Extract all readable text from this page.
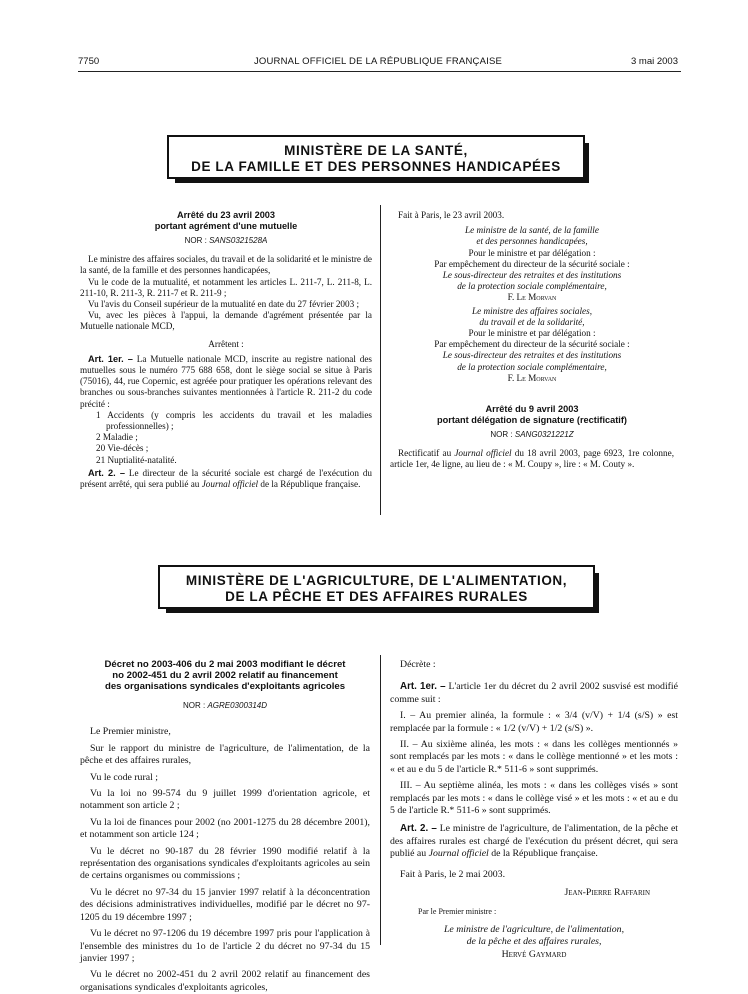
7750	JOURNAL OFFICIEL DE LA RÉPUBLIQUE FRANÇAISE	3 mai 2003
MINISTÈRE DE LA SANTÉ,
DE LA FAMILLE ET DES PERSONNES HANDICAPÉES
Arrêté du 23 avril 2003
portant agrément d'une mutuelle
NOR : SANS0321528A

Le ministre des affaires sociales, du travail et de la solidarité et le ministre de la santé, de la famille et des personnes handicapées,

Vu le code de la mutualité, et notamment les articles L. 211-7, L. 211-8, L. 211-10, R. 211-3, R. 211-7 et R. 211-9 ;

Vu l'avis du Conseil supérieur de la mutualité en date du 27 février 2003 ;

Vu, avec les pièces à l'appui, la demande d'agrément présentée par la Mutuelle nationale MCD,

Arrêtent :

Art. 1er. – La Mutuelle nationale MCD, inscrite au registre national des mutuelles sous le numéro 775 688 658, dont le siège social se situe à Paris (75016), 44, rue Copernic, est agréée pour pratiquer les opérations relevant des branches ou sous-branches suivantes mentionnées à l'article R. 211-2 du code précité :

1 Accidents (y compris les accidents du travail et les maladies professionnelles) ;
2 Maladie ;
20 Vie-décès ;
21 Nuptialité-natalité.

Art. 2. – Le directeur de la sécurité sociale est chargé de l'exécution du présent arrêté, qui sera publié au Journal officiel de la République française.

Fait à Paris, le 23 avril 2003.

Le ministre de la santé, de la famille
et des personnes handicapées,
Pour le ministre et par délégation :
Par empêchement du directeur de la sécurité sociale :
Le sous-directeur des retraites et des institutions
de la protection sociale complémentaire,
F. Le Morvan
Le ministre des affaires sociales,
du travail et de la solidarité,
Pour le ministre et par délégation :
Par empêchement du directeur de la sécurité sociale :
Le sous-directeur des retraites et des institutions
de la protection sociale complémentaire,
F. Le Morvan
Arrêté du 9 avril 2003
portant délégation de signature (rectificatif)
NOR : SANG0321221Z

Rectificatif au Journal officiel du 18 avril 2003, page 6923, 1re colonne, article 1er, 4e ligne, au lieu de : « M. Coupy », lire : « M. Couty ».

MINISTÈRE DE L'AGRICULTURE, DE L'ALIMENTATION,
DE LA PÊCHE ET DES AFFAIRES RURALES
Décret no 2003-406 du 2 mai 2003 modifiant le décret
no 2002-451 du 2 avril 2002 relatif au financement
des organisations syndicales d'exploitants agricoles
NOR : AGRE0300314D

Le Premier ministre,

Sur le rapport du ministre de l'agriculture, de l'alimentation, de la pêche et des affaires rurales,

Vu le code rural ;

Vu la loi no 99-574 du 9 juillet 1999 d'orientation agricole, et notamment son article 2 ;

Vu la loi de finances pour 2002 (no 2001-1275 du 28 décembre 2001), et notamment son article 124 ;

Vu le décret no 90-187 du 28 février 1990 modifié relatif à la représentation des organisations syndicales d'exploitants agricoles au sein de certains organismes ou commissions ;

Vu le décret no 97-34 du 15 janvier 1997 relatif à la déconcentration des décisions administratives individuelles, modifié par le décret no 97-1205 du 19 décembre 1997 ;

Vu le décret no 97-1206 du 19 décembre 1997 pris pour l'application à l'ensemble des ministres du 1o de l'article 2 du décret no 97-34 du 15 janvier 1997 ;

Vu le décret no 2002-451 du 2 avril 2002 relatif au financement des organisations syndicales d'exploitants agricoles,

Décrète :

Art. 1er. – L'article 1er du décret du 2 avril 2002 susvisé est modifié comme suit :

I. – Au premier alinéa, la formule : « 3/4 (v/V) + 1/4 (s/S) » est remplacée par la formule : « 1/2 (v/V) + 1/2 (s/S) ».

II. – Au sixième alinéa, les mots : « dans les collèges mentionnés » sont remplacés par les mots : « dans le collège mentionné » et les mots : « et au e du 5 de l'article R.* 511-6 » sont supprimés.

III. – Au septième alinéa, les mots : « dans les collèges visés » sont remplacés par les mots : « dans le collège visé » et les mots : « et au e du 5 de l'article R.* 511-6 » sont supprimés.

Art. 2. – Le ministre de l'agriculture, de l'alimentation, de la pêche et des affaires rurales est chargé de l'exécution du présent décret, qui sera publié au Journal officiel de la République française.

Fait à Paris, le 2 mai 2003.

Jean-Pierre Raffarin
Par le Premier ministre :
Le ministre de l'agriculture, de l'alimentation,
de la pêche et des affaires rurales,
Hervé Gaymard
